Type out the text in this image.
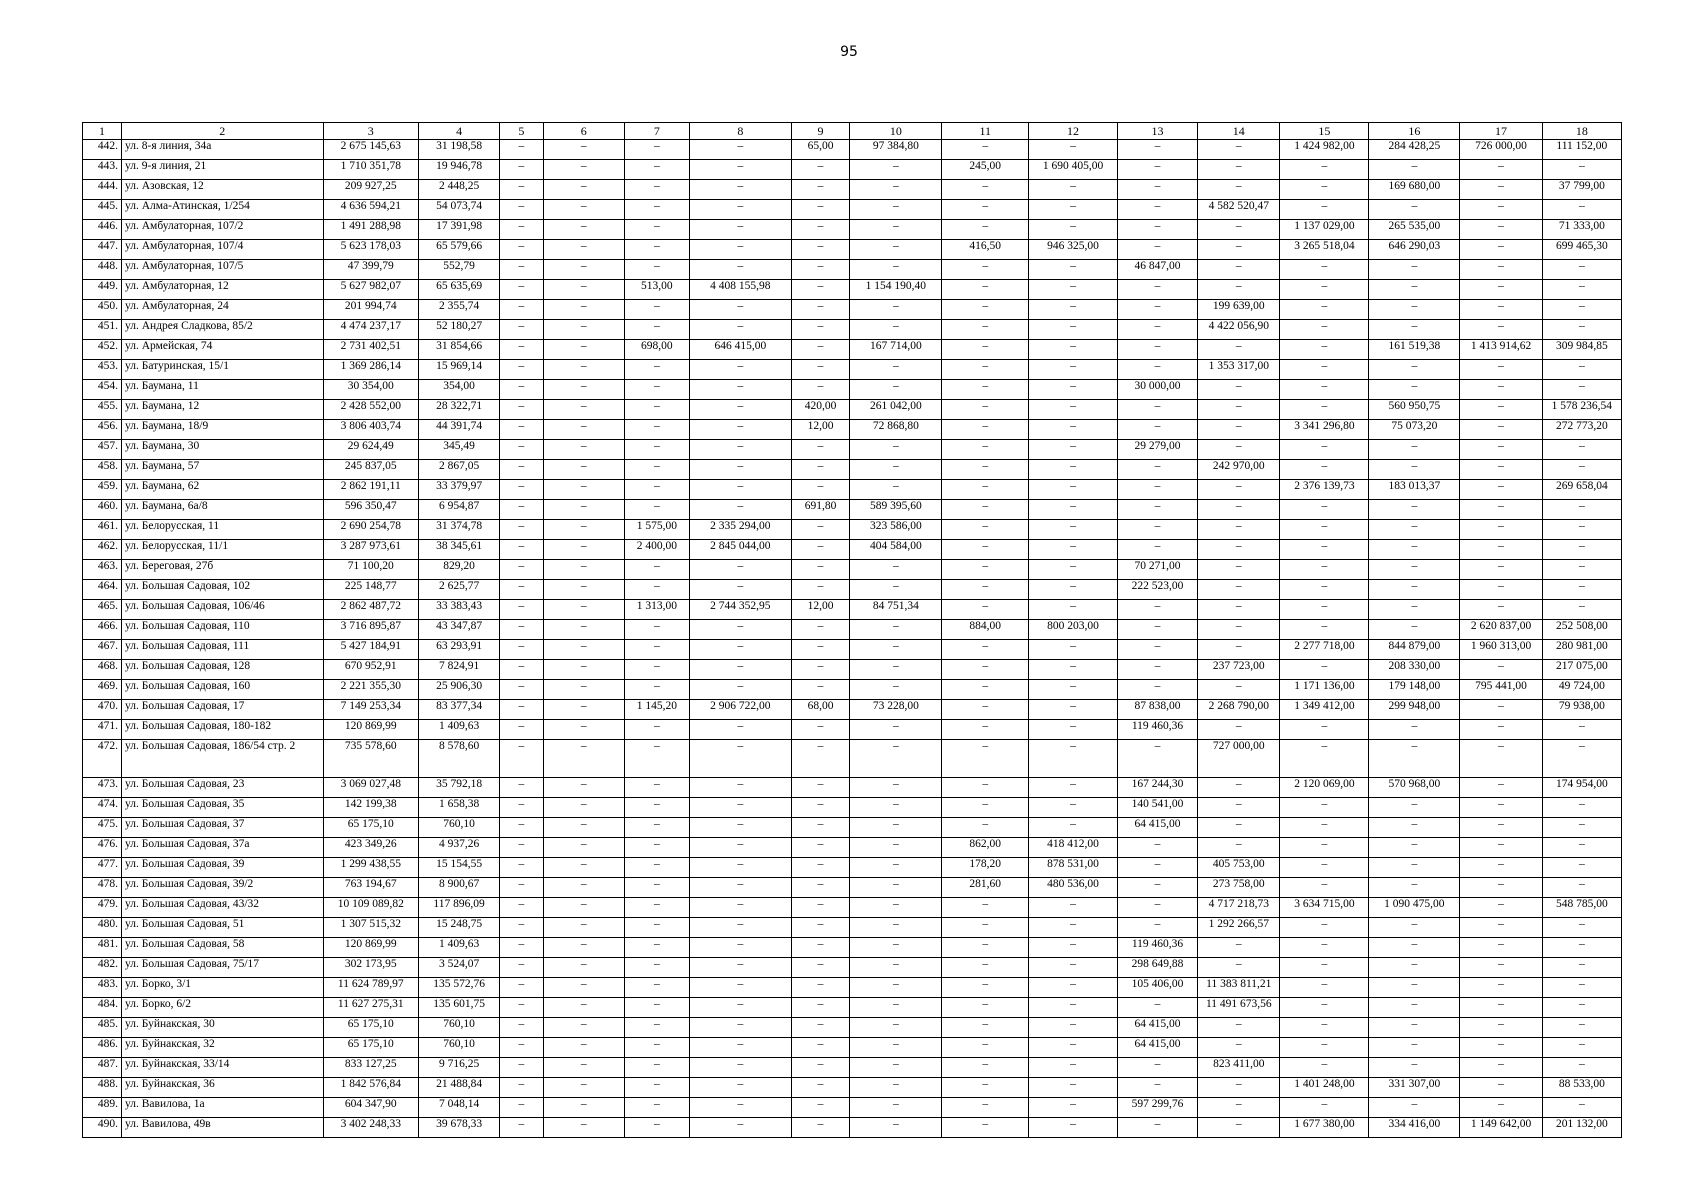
95
1	2	3	4	5	6	7	8	9	10	11	12	13	14	15	16	17	18
442.	ул. 8-я линия, 34а	2 675 145,63	31 198,58	–	–	–	–	65,00	97 384,80	–	–	–	–	1 424 982,00	284 428,25	726 000,00	111 152,00
443.	ул. 9-я линия, 21	1 710 351,78	19 946,78	–	–	–	–	–	–	245,00	1 690 405,00	–	–	–	–	–	–
444.	ул. Азовская, 12	209 927,25	2 448,25	–	–	–	–	–	–	–	–	–	–	–	169 680,00	–	37 799,00
445.	ул. Алма-Атинская, 1/254	4 636 594,21	54 073,74	–	–	–	–	–	–	–	–	–	4 582 520,47	–	–	–	–
446.	ул. Амбулаторная, 107/2	1 491 288,98	17 391,98	–	–	–	–	–	–	–	–	–	–	1 137 029,00	265 535,00	–	71 333,00
447.	ул. Амбулаторная, 107/4	5 623 178,03	65 579,66	–	–	–	–	–	–	416,50	946 325,00	–	–	3 265 518,04	646 290,03	–	699 465,30
448.	ул. Амбулаторная, 107/5	47 399,79	552,79	–	–	–	–	–	–	–	–	46 847,00	–	–	–	–	–
449.	ул. Амбулаторная, 12	5 627 982,07	65 635,69	–	–	513,00	4 408 155,98	–	1 154 190,40	–	–	–	–	–	–	–	–
450.	ул. Амбулаторная, 24	201 994,74	2 355,74	–	–	–	–	–	–	–	–	–	199 639,00	–	–	–	–
451.	ул. Андрея Сладкова, 85/2	4 474 237,17	52 180,27	–	–	–	–	–	–	–	–	–	4 422 056,90	–	–	–	–
452.	ул. Армейская, 74	2 731 402,51	31 854,66	–	–	698,00	646 415,00	–	167 714,00	–	–	–	–	–	161 519,38	1 413 914,62	309 984,85
453.	ул. Батуринская, 15/1	1 369 286,14	15 969,14	–	–	–	–	–	–	–	–	–	1 353 317,00	–	–	–	–
454.	ул. Баумана, 11	30 354,00	354,00	–	–	–	–	–	–	–	–	30 000,00	–	–	–	–	–
455.	ул. Баумана, 12	2 428 552,00	28 322,71	–	–	–	–	420,00	261 042,00	–	–	–	–	–	560 950,75	–	1 578 236,54
456.	ул. Баумана, 18/9	3 806 403,74	44 391,74	–	–	–	–	12,00	72 868,80	–	–	–	–	3 341 296,80	75 073,20	–	272 773,20
457.	ул. Баумана, 30	29 624,49	345,49	–	–	–	–	–	–	–	–	29 279,00	–	–	–	–	–
458.	ул. Баумана, 57	245 837,05	2 867,05	–	–	–	–	–	–	–	–	–	242 970,00	–	–	–	–
459.	ул. Баумана, 62	2 862 191,11	33 379,97	–	–	–	–	–	–	–	–	–	–	2 376 139,73	183 013,37	–	269 658,04
460.	ул. Баумана, 6а/8	596 350,47	6 954,87	–	–	–	–	691,80	589 395,60	–	–	–	–	–	–	–	–
461.	ул. Белорусская, 11	2 690 254,78	31 374,78	–	–	1 575,00	2 335 294,00	–	323 586,00	–	–	–	–	–	–	–	–
462.	ул. Белорусская, 11/1	3 287 973,61	38 345,61	–	–	2 400,00	2 845 044,00	–	404 584,00	–	–	–	–	–	–	–	–
463.	ул. Береговая, 27б	71 100,20	829,20	–	–	–	–	–	–	–	–	70 271,00	–	–	–	–	–
464.	ул. Большая Садовая, 102	225 148,77	2 625,77	–	–	–	–	–	–	–	–	222 523,00	–	–	–	–	–
465.	ул. Большая Садовая, 106/46	2 862 487,72	33 383,43	–	–	1 313,00	2 744 352,95	12,00	84 751,34	–	–	–	–	–	–	–	–
466.	ул. Большая Садовая, 110	3 716 895,87	43 347,87	–	–	–	–	–	–	884,00	800 203,00	–	–	–	–	2 620 837,00	252 508,00
467.	ул. Большая Садовая, 111	5 427 184,91	63 293,91	–	–	–	–	–	–	–	–	–	–	2 277 718,00	844 879,00	1 960 313,00	280 981,00
468.	ул. Большая Садовая, 128	670 952,91	7 824,91	–	–	–	–	–	–	–	–	–	237 723,00	–	208 330,00	–	217 075,00
469.	ул. Большая Садовая, 160	2 221 355,30	25 906,30	–	–	–	–	–	–	–	–	–	–	1 171 136,00	179 148,00	795 441,00	49 724,00
470.	ул. Большая Садовая, 17	7 149 253,34	83 377,34	–	–	1 145,20	2 906 722,00	68,00	73 228,00	–	–	87 838,00	2 268 790,00	1 349 412,00	299 948,00	–	79 938,00
471.	ул. Большая Садовая, 180-182	120 869,99	1 409,63	–	–	–	–	–	–	–	–	119 460,36	–	–	–	–	–
472.	ул. Большая Садовая, 186/54 стр. 2	735 578,60	8 578,60	–	–	–	–	–	–	–	–	–	727 000,00	–	–	–	–
473.	ул. Большая Садовая, 23	3 069 027,48	35 792,18	–	–	–	–	–	–	–	–	167 244,30	–	2 120 069,00	570 968,00	–	174 954,00
474.	ул. Большая Садовая, 35	142 199,38	1 658,38	–	–	–	–	–	–	–	–	140 541,00	–	–	–	–	–
475.	ул. Большая Садовая, 37	65 175,10	760,10	–	–	–	–	–	–	–	–	64 415,00	–	–	–	–	–
476.	ул. Большая Садовая, 37а	423 349,26	4 937,26	–	–	–	–	–	–	862,00	418 412,00	–	–	–	–	–	–
477.	ул. Большая Садовая, 39	1 299 438,55	15 154,55	–	–	–	–	–	–	178,20	878 531,00	–	405 753,00	–	–	–	–
478.	ул. Большая Садовая, 39/2	763 194,67	8 900,67	–	–	–	–	–	–	281,60	480 536,00	–	273 758,00	–	–	–	–
479.	ул. Большая Садовая, 43/32	10 109 089,82	117 896,09	–	–	–	–	–	–	–	–	–	4 717 218,73	3 634 715,00	1 090 475,00	–	548 785,00
480.	ул. Большая Садовая, 51	1 307 515,32	15 248,75	–	–	–	–	–	–	–	–	–	1 292 266,57	–	–	–	–
481.	ул. Большая Садовая, 58	120 869,99	1 409,63	–	–	–	–	–	–	–	–	119 460,36	–	–	–	–	–
482.	ул. Большая Садовая, 75/17	302 173,95	3 524,07	–	–	–	–	–	–	–	–	298 649,88	–	–	–	–	–
483.	ул. Борко, 3/1	11 624 789,97	135 572,76	–	–	–	–	–	–	–	–	105 406,00	11 383 811,21	–	–	–	–
484.	ул. Борко, 6/2	11 627 275,31	135 601,75	–	–	–	–	–	–	–	–	–	11 491 673,56	–	–	–	–
485.	ул. Буйнакская, 30	65 175,10	760,10	–	–	–	–	–	–	–	–	64 415,00	–	–	–	–	–
486.	ул. Буйнакская, 32	65 175,10	760,10	–	–	–	–	–	–	–	–	64 415,00	–	–	–	–	–
487.	ул. Буйнакская, 33/14	833 127,25	9 716,25	–	–	–	–	–	–	–	–	–	823 411,00	–	–	–	–
488.	ул. Буйнакская, 36	1 842 576,84	21 488,84	–	–	–	–	–	–	–	–	–	–	1 401 248,00	331 307,00	–	88 533,00
489.	ул. Вавилова, 1а	604 347,90	7 048,14	–	–	–	–	–	–	–	–	597 299,76	–	–	–	–	–
490.	ул. Вавилова, 49в	3 402 248,33	39 678,33	–	–	–	–	–	–	–	–	–	–	1 677 380,00	334 416,00	1 149 642,00	201 132,00
